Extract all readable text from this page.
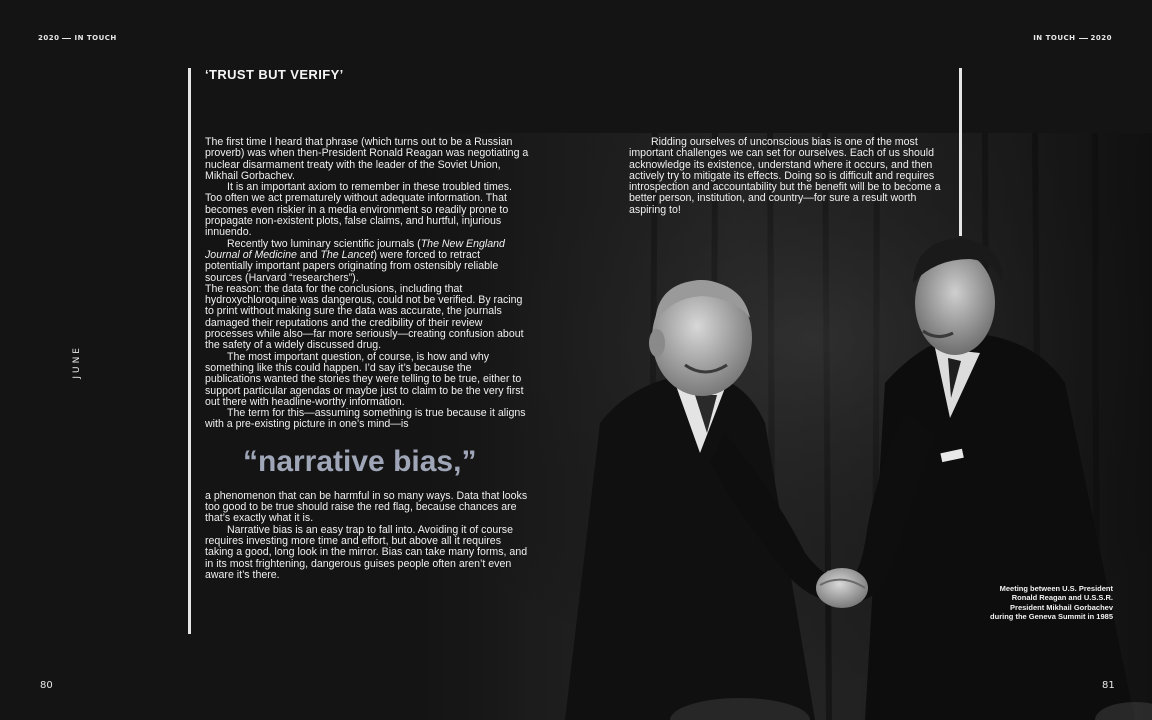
2020 IN TOUCH	IN TOUCH 2020
JUNE
80	81
‘TRUST BUT VERIFY’

The first time I heard that phrase (which turns out to be a Russian proverb) was when then-President Ronald Reagan was negotiating a nuclear disarmament treaty with the leader of the Soviet Union, Mikhail Gorbachev.

It is an important axiom to remember in these troubled times. Too often we act prematurely without adequate information. That becomes even riskier in a media environment so readily prone to propagate non-existent plots, false claims, and hurtful, injurious innuendo.

Recently two luminary scientific journals (The New England Journal of Medicine and The Lancet) were forced to retract potentially important papers originating from ostensibly reliable sources (Harvard “researchers”).

The reason: the data for the conclusions, including that hydroxychloroquine was dangerous, could not be verified. By racing to print without making sure the data was accurate, the journals damaged their reputations and the credibility of their review processes while also—far more seriously—creating confusion about the safety of a widely discussed drug.

The most important question, of course, is how and why something like this could happen. I’d say it’s because the publications wanted the stories they were telling to be true, either to support particular agendas or maybe just to claim to be the very first out there with headline-worthy information.

The term for this—assuming something is true because it aligns with a pre-existing picture in one’s mind—is

“narrative bias,”

a phenomenon that can be harmful in so many ways. Data that looks too good to be true should raise the red flag, because chances are that’s exactly what it is.

Narrative bias is an easy trap to fall into. Avoiding it of course requires investing more time and effort, but above all it requires taking a good, long look in the mirror. Bias can take many forms, and in its most frightening, dangerous guises people often aren’t even aware it’s there.

Ridding ourselves of unconscious bias is one of the most important challenges we can set for ourselves. Each of us should acknowledge its existence, understand where it occurs, and then actively try to mitigate its effects. Doing so is difficult and requires introspection and accountability but the benefit will be to become a better person, institution, and country—for sure a result worth aspiring to!

Meeting between U.S. President Ronald Reagan and U.S.S.R. President Mikhail Gorbachev during the Geneva Summit in 1985
